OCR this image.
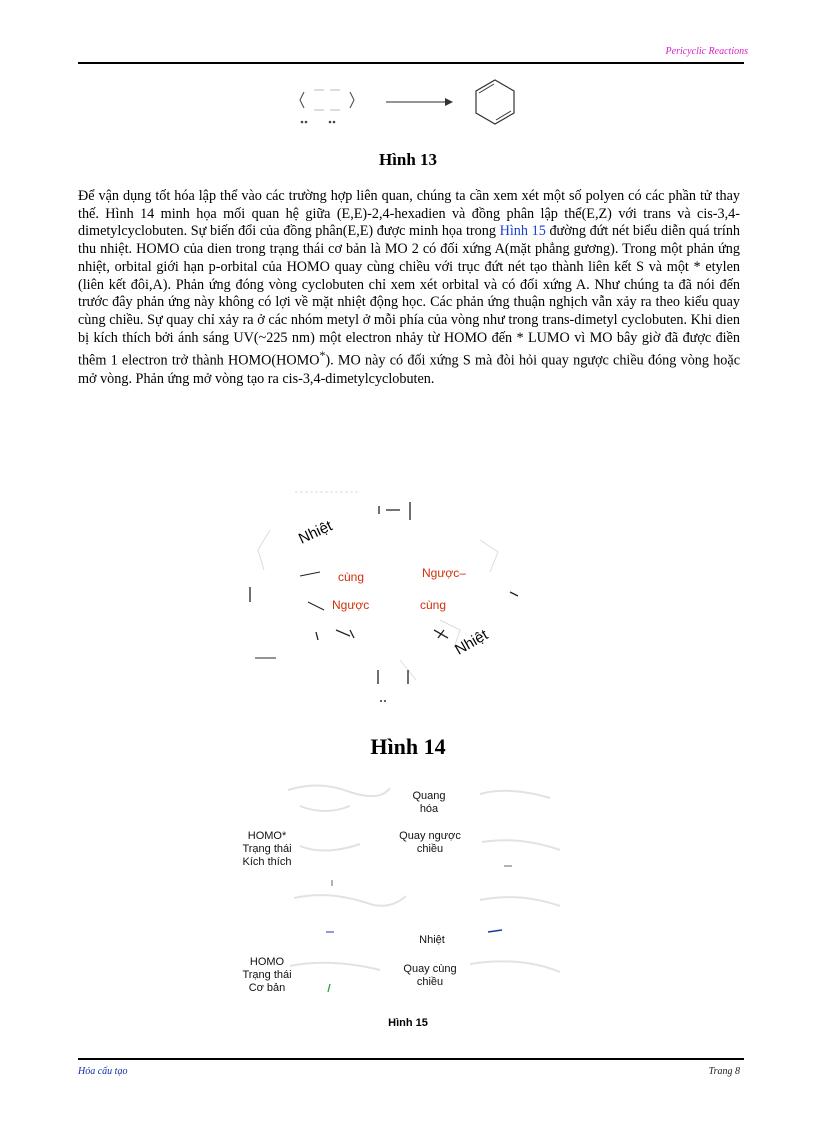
Pericyclic Reactions
Hình 13
Để vận dụng tốt hóa lập thể vào các trường hợp liên quan, chúng ta cần xem xét một số polyen có các phần tử thay thế. Hình 14 minh họa mối quan hệ giữa (E,E)-2,4-hexadien và đồng phân lập thể(E,Z) với trans và cis-3,4-dimetylcyclobuten. Sự biến đổi của đồng phân(E,E) được minh họa trong Hình 15 đường đứt nét biểu diễn quá trính thu nhiệt. HOMO của dien trong trạng thái cơ bản là MO 2 có đối xứng A(mặt phẳng gương). Trong một phản ứng nhiệt, orbital giới hạn p-orbital của HOMO quay cùng chiều với trục đứt nét tạo thành liên kết S và một * etylen (liên kết đôi,A). Phản ứng đóng vòng cyclobuten chỉ xem xét orbital và có đối xứng A. Như chúng ta đã nói đến trước đây phản ứng này không có lợi về mặt nhiệt động học. Các phản ứng thuận nghịch vẫn xảy ra theo kiểu quay cùng chiều. Sự quay chỉ xảy ra ở các nhóm metyl ở mỗi phía của vòng như trong trans-dimetyl cyclobuten. Khi dien bị kích thích bởi ánh sáng UV(~225 nm) một electron nhảy từ HOMO đến * LUMO vì MO bây giờ đã được điền thêm 1 electron trở thành HOMO(HOMO*). MO này có đối xứng S mà đòi hỏi quay ngược chiều đóng vòng hoặc mở vòng. Phản ứng mở vòng tạo ra cis-3,4-dimetylcyclobuten.
Nhiệt
cùng	Ngược–
Ngược	cùng
Nhiệt
Hình 14
Quang
hóa
HOMO*
Trạng thái
Kích thích
Quay ngược
chiều
Nhiệt
HOMO
Trạng thái
Cơ bản
Quay cùng
chiều
Hình 15
Hóa cấu tạo	Trang 8
